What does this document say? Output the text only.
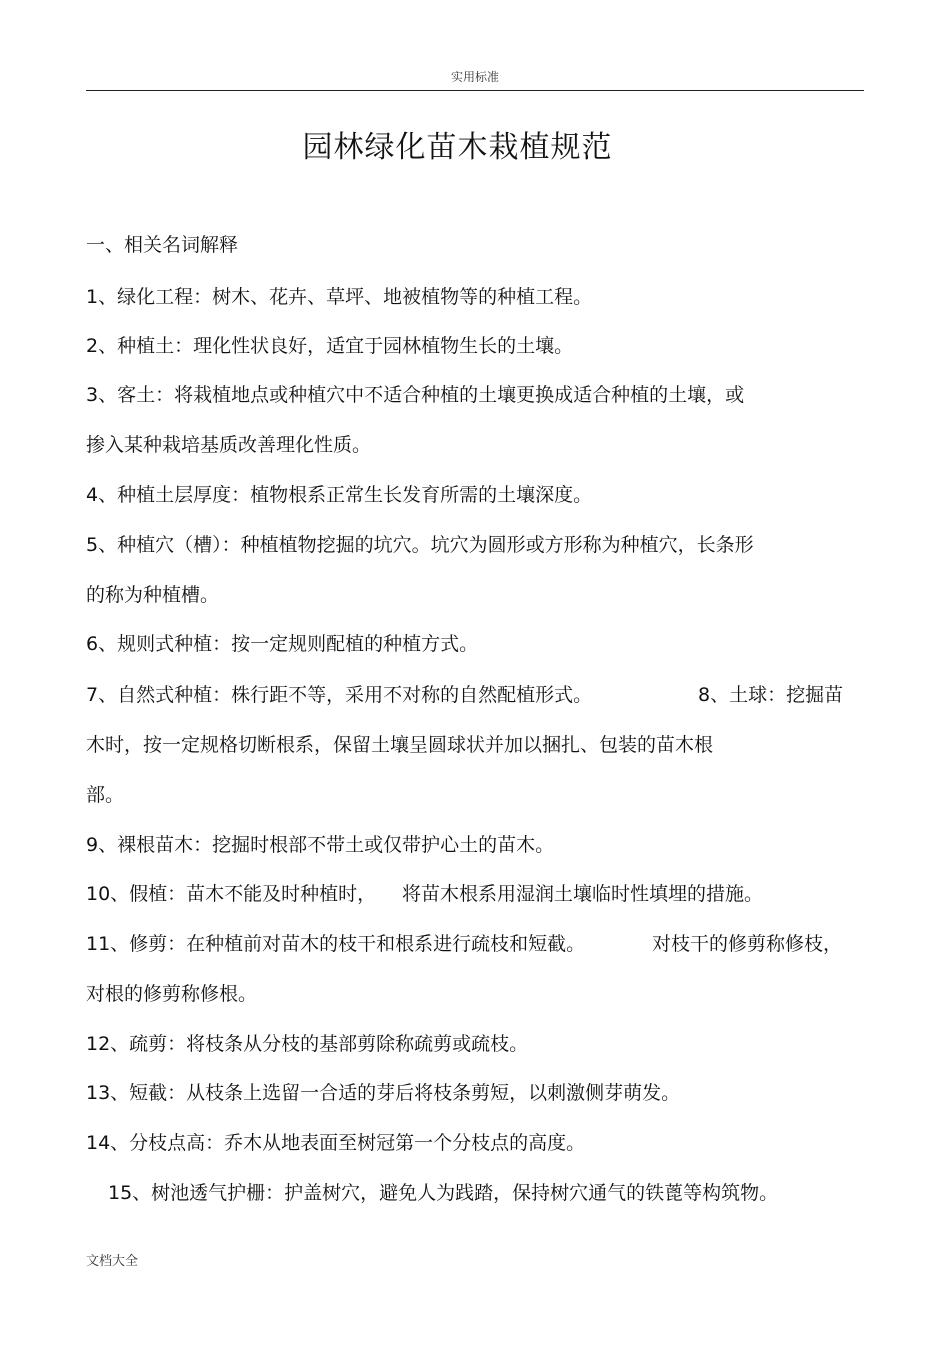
实用标准
园林绿化苗木栽植规范
一、相关名词解释
1、绿化工程：树木、花卉、草坪、地被植物等的种植工程。
2、种植土：理化性状良好，适宜于园林植物生长的土壤。
3、客土：将栽植地点或种植穴中不适合种植的土壤更换成适合种植的土壤，或
掺入某种栽培基质改善理化性质。
4、种植土层厚度：植物根系正常生长发育所需的土壤深度。
5、种植穴（槽）：种植植物挖掘的坑穴。坑穴为圆形或方形称为种植穴，长条形
的称为种植槽。
6、规则式种植：按一定规则配植的种植方式。
7、自然式种植：株行距不等，采用不对称的自然配植形式。	8、土球：挖掘苗
木时，按一定规格切断根系，保留土壤呈圆球状并加以捆扎、包装的苗木根
部。
9、裸根苗木：挖掘时根部不带土或仅带护心土的苗木。
10、假植：苗木不能及时种植时， 将苗木根系用湿润土壤临时性填埋的措施。
11、修剪：在种植前对苗木的枝干和根系进行疏枝和短截。	对枝干的修剪称修枝，
对根的修剪称修根。
12、疏剪：将枝条从分枝的基部剪除称疏剪或疏枝。
13、短截：从枝条上选留一合适的芽后将枝条剪短，以刺激侧芽萌发。
14、分枝点高：乔木从地表面至树冠第一个分枝点的高度。
15、树池透气护栅：护盖树穴，避免人为践踏，保持树穴通气的铁蓖等构筑物。
文档大全
